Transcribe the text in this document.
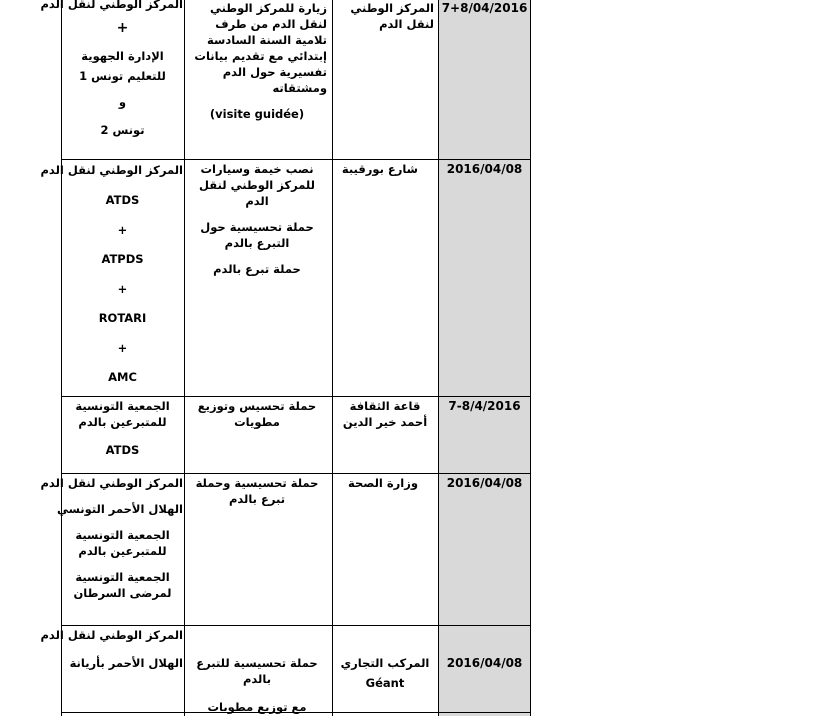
7+8/04/2016
المركز الوطني لنقل الدم

زيارة للمركز الوطني لنقل الدم من طرف تلامية السنة السادسة إبتدائي مع تقديم بيانات تفسيرية حول الدم ومشتقاته

(visite guidée)

المركز الوطني لنقل الدم
+
الإدارة الجهوية للتعليم تونس 1
و
تونس 2
2016/04/08
شارع بورقيبة

نصب خيمة وسيارات للمركز الوطني لنقل الدم

حملة تحسيسية حول التبرع بالدم

حملة تبرع بالدم

المركز الوطني لنقل الدم
ATDS
+
ATPDS
+
ROTARI
+
AMC
7-8/4/2016
قاعة الثقافة أحمد خير الدين

حملة تحسيس وتوزيع مطويات

الجمعية التونسية للمتبرعين بالدم
ATDS
2016/04/08
وزارة الصحة

حملة تحسيسية وحملة تبرع بالدم

المركز الوطني لنقل الدم
الهلال الأحمر التونسي
الجمعية التونسية للمتبرعين بالدم
الجمعية التونسية لمرضى السرطان
2016/04/08
المركب التجاري
Géant

حملة تحسيسية للتبرع بالدم

مع توزيع مطويات

المركز الوطني لنقل الدم
الهلال الأحمر بأريانة
